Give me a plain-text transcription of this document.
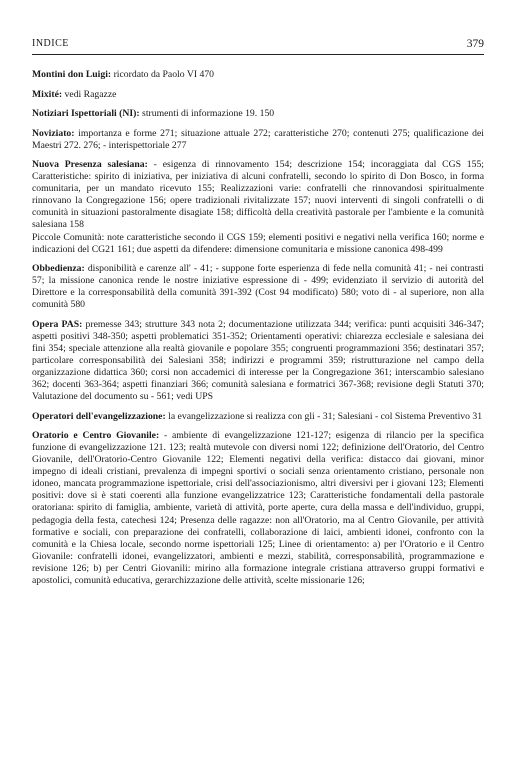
INDICE	379

Montini don Luigi: ricordato da Paolo VI 470

Mixité: vedi Ragazze

Notiziari Ispettoriali (NI): strumenti di informazione 19. 150

Noviziato: importanza e forme 271; situazione attuale 272; caratteristiche 270; contenuti 275; qualificazione dei Maestri 272. 276; - interispettoriale 277

Nuova Presenza salesiana: - esigenza di rinnovamento 154; descrizione 154; incoraggiata dal CGS 155; Caratteristiche: spirito di iniziativa, per iniziativa di alcuni confratelli, secondo lo spirito di Don Bosco, in forma comunitaria, per un mandato ricevuto 155; Realizzazioni varie: confratelli che rinnovandosi spiritualmente rinnovano la Congregazione 156; opere tradizionali rivitalizzate 157; nuovi interventi di singoli confratelli o di comunità in situazioni pastoralmente disagiate 158; difficoltà della creatività pastorale per l'ambiente e la comunità salesiana 158

Piccole Comunità: note caratteristiche secondo il CGS 159; elementi positivi e negativi nella verifica 160; norme e indicazioni del CG21 161; due aspetti da difendere: dimensione comunitaria e missione canonica 498-499

Obbedienza: disponibilità e carenze all' - 41; - suppone forte esperienza di fede nella comunità 41; - nei contrasti 57; la missione canonica rende le nostre iniziative espressione di - 499; evidenziato il servizio di autorità del Direttore e la corresponsabilità della comunità 391-392 (Cost 94 modificato) 580; voto di - al superiore, non alla comunità 580

Opera PAS: premesse 343; strutture 343 nota 2; documentazione utilizzata 344; verifica: punti acquisiti 346-347; aspetti positivi 348-350; aspetti problematici 351-352; Orientamenti operativi: chiarezza ecclesiale e salesiana dei fini 354; speciale attenzione alla realtà giovanile e popolare 355; congruenti programmazioni 356; destinatari 357; particolare corresponsabilità dei Salesiani 358; indirizzi e programmi 359; ristrutturazione nel campo della organizzazione didattica 360; corsi non accademici di interesse per la Congregazione 361; interscambio salesiano 362; docenti 363-364; aspetti finanziari 366; comunità salesiana e formatrici 367-368; revisione degli Statuti 370; Valutazione del documento su - 561; vedi UPS

Operatori dell'evangelizzazione: la evangelizzazione si realizza con gli - 31; Salesiani - col Sistema Preventivo 31

Oratorio e Centro Giovanile: - ambiente di evangelizzazione 121-127; esigenza di rilancio per la specifica funzione di evangelizzazione 121. 123; realtà mutevole con diversi nomi 122; definizione dell'Oratorio, del Centro Giovanile, dell'Oratorio-Centro Giovanile 122; Elementi negativi della verifica: distacco dai giovani, minor impegno di ideali cristiani, prevalenza di impegni sportivi o sociali senza orientamento cristiano, personale non idoneo, mancata programmazione ispettoriale, crisi dell'associazionismo, altri diversivi per i giovani 123; Elementi positivi: dove si è stati coerenti alla funzione evangelizzatrice 123; Caratteristiche fondamentali della pastorale oratoriana: spirito di famiglia, ambiente, varietà di attività, porte aperte, cura della massa e dell'individuo, gruppi, pedagogia della festa, catechesi 124; Presenza delle ragazze: non all'Oratorio, ma al Centro Giovanile, per attività formative e sociali, con preparazione dei confratelli, collaborazione di laici, ambienti idonei, confronto con la comunità e la Chiesa locale, secondo norme ispettoriali 125; Linee di orientamento: a) per l'Oratorio e il Centro Giovanile: confratelli idonei, evangelizzatori, ambienti e mezzi, stabilità, corresponsabilità, programmazione e revisione 126; b) per Centri Giovanili: mirino alla formazione integrale cristiana attraverso gruppi formativi e apostolici, comunità educativa, gerarchizzazione delle attività, scelte missionarie 126;
